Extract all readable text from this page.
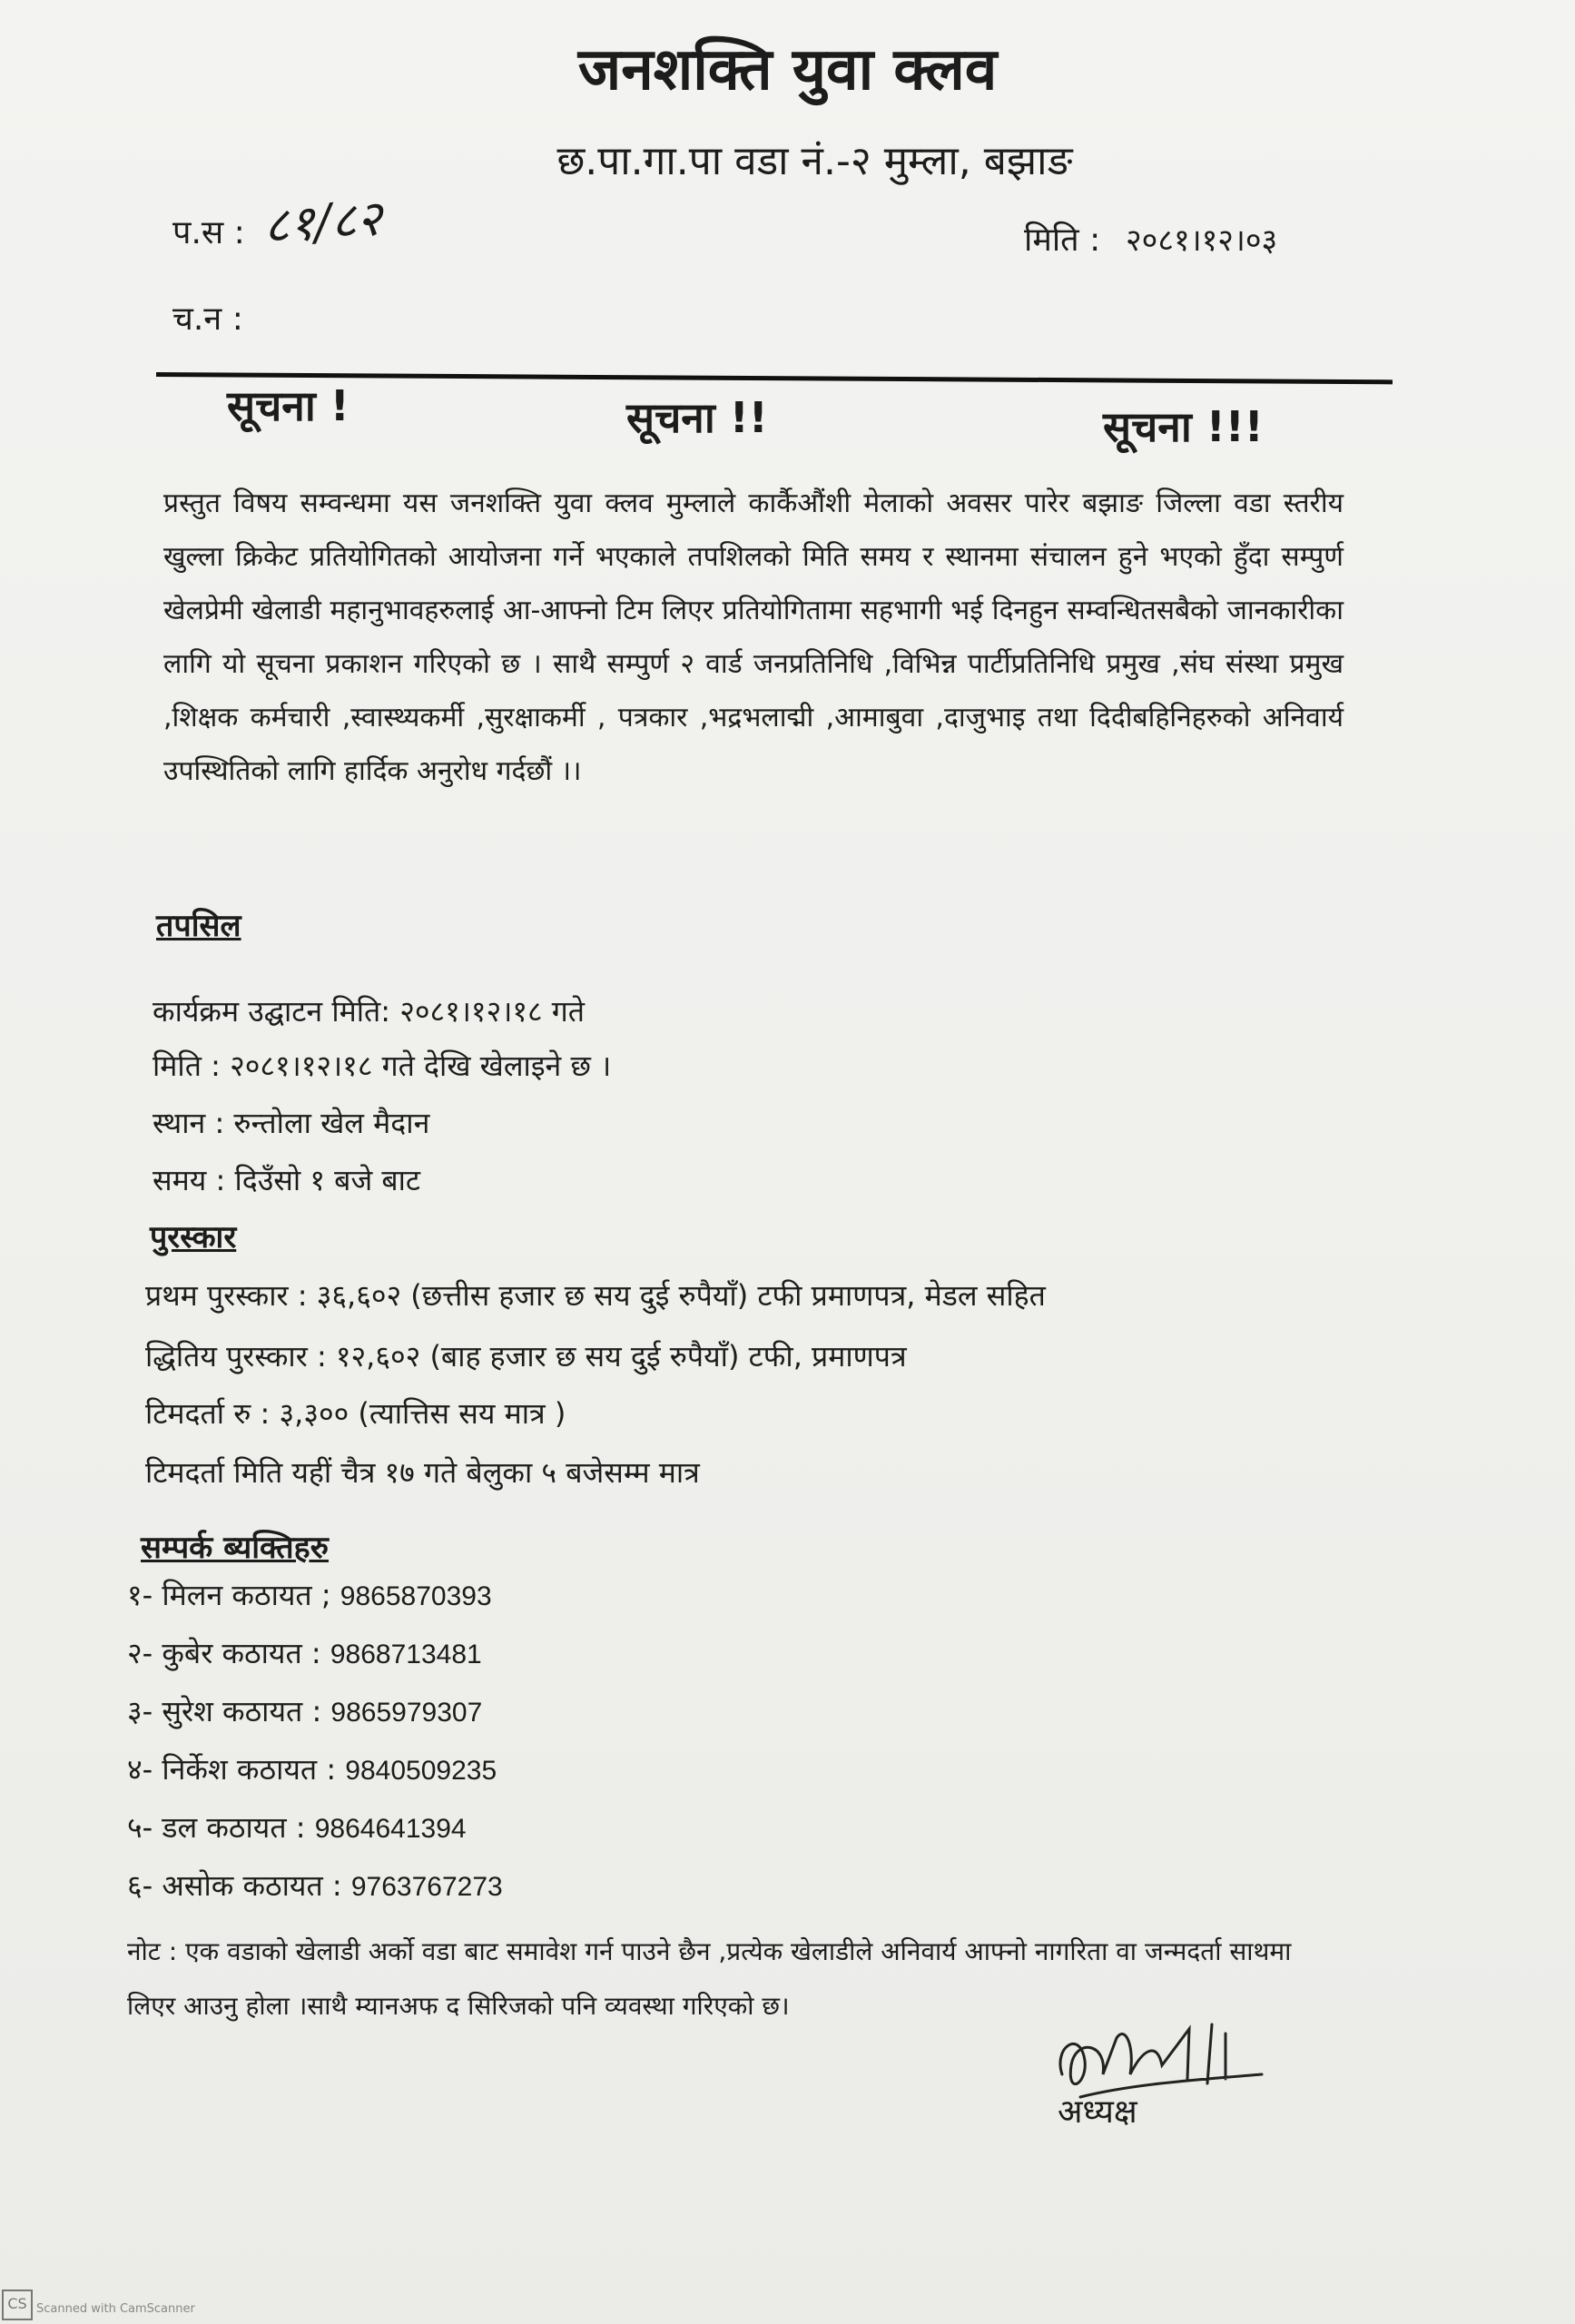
जनशक्ति युवा क्लव
छ.पा.गा.पा वडा नं.-२ मुम्ला, बझाङ
प.स : ८१/८२	मिति : २०८१।१२।०३
च.न :
सूचना !	सूचना !!	सूचना !!!
प्रस्तुत विषय सम्वन्धमा यस जनशक्ति युवा क्लव मुम्लाले कार्कैऔंशी मेलाको अवसर पारेर बझाङ जिल्ला वडा स्तरीय खुल्ला क्रिकेट प्रतियोगितको आयोजना गर्ने भएकाले तपशिलको मिति समय र स्थानमा संचालन हुने भएको हुँदा सम्पुर्ण खेलप्रेमी खेलाडी महानुभावहरुलाई आ-आफ्नो टिम लिएर प्रतियोगितामा सहभागी भई दिनहुन सम्वन्धितसबैको जानकारीका लागि यो सूचना प्रकाशन गरिएको छ । साथै सम्पुर्ण २ वार्ड जनप्रतिनिधि ,विभिन्न पार्टीप्रतिनिधि प्रमुख ,संघ संस्था प्रमुख ,शिक्षक कर्मचारी ,स्वास्थ्यकर्मी ,सुरक्षाकर्मी , पत्रकार ,भद्रभलाद्मी ,आमाबुवा ,दाजुभाइ तथा दिदीबहिनिहरुको अनिवार्य उपस्थितिको लागि हार्दिक अनुरोध गर्दछौं ।।
तपसिल
कार्यक्रम उद्घाटन मिति: २०८१।१२।१८ गते
मिति : २०८१।१२।१८ गते देखि खेलाइने छ ।
स्थान : रुन्तोला खेल मैदान
समय : दिउँसो १ बजे बाट
पुरस्कार
प्रथम पुरस्कार : ३६,६०२ (छत्तीस हजार छ सय दुई रुपैयाँ) टफी प्रमाणपत्र, मेडल सहित
द्धितिय पुरस्कार : १२,६०२ (बाह हजार छ सय दुई रुपैयाँ) टफी, प्रमाणपत्र
टिमदर्ता रु : ३,३०० (त्यात्तिस सय मात्र )
टिमदर्ता मिति यहीं चैत्र १७ गते बेलुका ५ बजेसम्म मात्र
सम्पर्क ब्यक्तिहरु
१- मिलन कठायत ; 9865870393
२- कुबेर कठायत : 9868713481
३- सुरेश कठायत : 9865979307
४- निर्केश कठायत : 9840509235
५- डल कठायत : 9864641394
६- असोक कठायत : 9763767273
नोट : एक वडाको खेलाडी अर्को वडा बाट समावेश गर्न पाउने छैन ,प्रत्येक खेलाडीले अनिवार्य आफ्नो नागरिता वा जन्मदर्ता साथमा लिएर आउनु होला ।साथै म्यानअफ द सिरिजको पनि व्यवस्था गरिएको छ।
अध्यक्ष
CS Scanned with CamScanner
